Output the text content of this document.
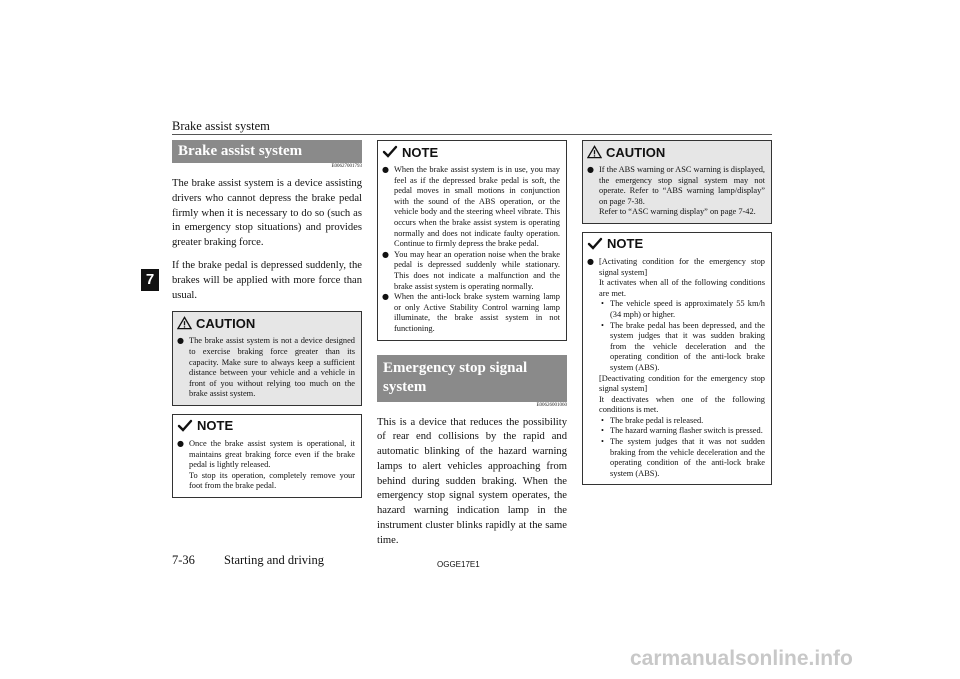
Brake assist system
7
Brake assist system
E00627001793

The brake assist system is a device assisting drivers who cannot depress the brake pedal firmly when it is necessary to do so (such as in emergency stop situations) and provides greater braking force.

If the brake pedal is depressed suddenly, the brakes will be applied with more force than usual.

CAUTION
● The brake assist system is not a device designed to exercise braking force greater than its capacity. Make sure to always keep a sufficient distance between your vehicle and a vehicle in front of you without relying too much on the brake assist system.

NOTE
● Once the brake assist system is operational, it maintains great braking force even if the brake pedal is lightly released.

To stop its operation, completely remove your foot from the brake pedal.

NOTE
● When the brake assist system is in use, you may feel as if the depressed brake pedal is soft, the pedal moves in small motions in conjunction with the sound of the ABS operation, or the vehicle body and the steering wheel vibrate. This occurs when the brake assist system is operating normally and does not indicate faulty operation. Continue to firmly depress the brake pedal.

● You may hear an operation noise when the brake pedal is depressed suddenly while stationary. This does not indicate a malfunction and the brake assist system is operating normally.

● When the anti-lock brake system warning lamp or only Active Stability Control warning lamp illuminate, the brake assist system in not functioning.

Emergency stop signal
system
E00626001060

This is a device that reduces the possibility of rear end collisions by the rapid and automatic blinking of the hazard warning lamps to alert vehicles approaching from behind during sudden braking. When the emergency stop signal system operates, the hazard warning indication lamp in the instrument cluster blinks rapidly at the same time.

CAUTION
● If the ABS warning or ASC warning is displayed, the emergency stop signal system may not operate. Refer to “ABS warning lamp/display” on page 7-38.

Refer to “ASC warning display” on page 7-42.

NOTE
● [Activating condition for the emergency stop signal system]

It activates when all of the following conditions are met.

• The vehicle speed is approximately 55 km/h (34 mph) or higher.
• The brake pedal has been depressed, and the system judges that it was sudden braking from the vehicle deceleration and the operating condition of the anti-lock brake system (ABS).

[Deactivating condition for the emergency stop signal system]

It deactivates when one of the following conditions is met.

• The brake pedal is released.
• The hazard warning flasher switch is pressed.
• The system judges that it was not sudden braking from the vehicle deceleration and the operating condition of the anti-lock brake system (ABS).
7-36 Starting and driving	OGGE17E1
carmanualsonline.info
